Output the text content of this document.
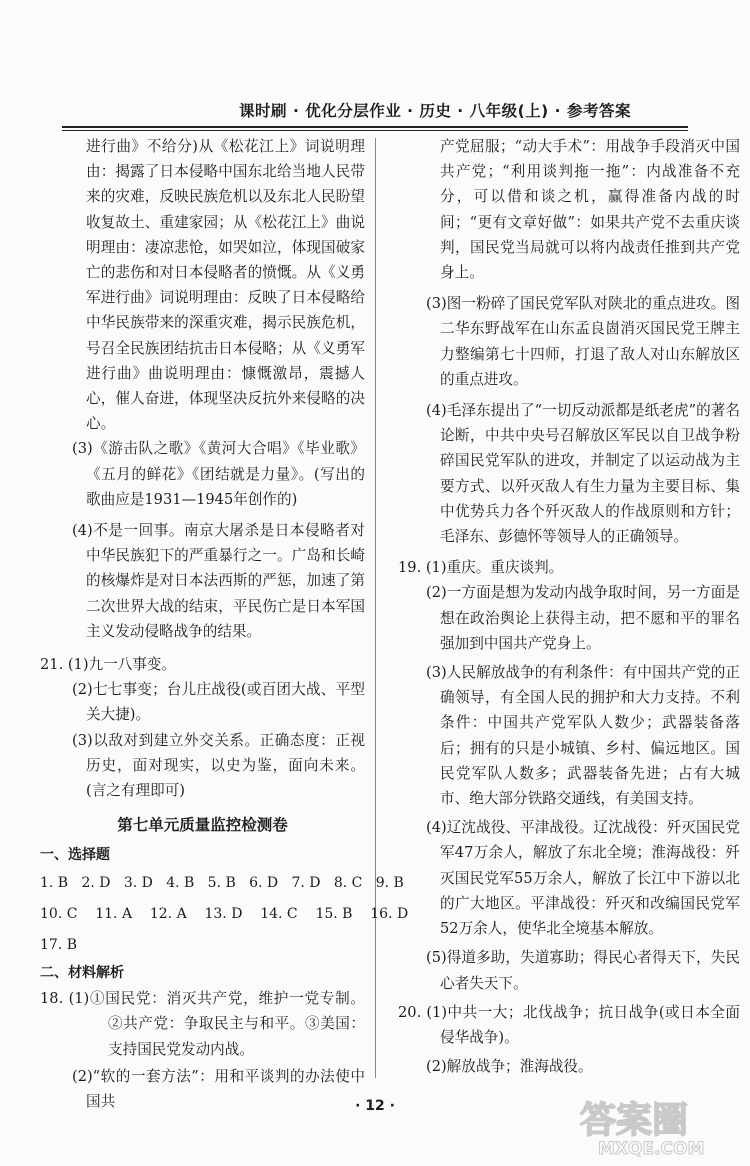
课时刷 · 优化分层作业 · 历史 · 八年级(上) · 参考答案
进行曲》不给分)从《松花江上》词说明理由：揭露了日本侵略中国东北给当地人民带来的灾难，反映民族危机以及东北人民盼望收复故土、重建家园；从《松花江上》曲说明理由：凄凉悲怆，如哭如泣，体现国破家亡的悲伤和对日本侵略者的愤慨。从《义勇军进行曲》词说明理由：反映了日本侵略给中华民族带来的深重灾难，揭示民族危机，号召全民族团结抗击日本侵略；从《义勇军进行曲》曲说明理由：慷慨激昂，震撼人心，催人奋进，体现坚决反抗外来侵略的决心。
(3)《游击队之歌》《黄河大合唱》《毕业歌》《五月的鲜花》《团结就是力量》。(写出的歌曲应是1931—1945年创作的)
(4)不是一回事。南京大屠杀是日本侵略者对中华民族犯下的严重暴行之一。广岛和长崎的核爆炸是对日本法西斯的严惩，加速了第二次世界大战的结束，平民伤亡是日本军国主义发动侵略战争的结果。
21. (1)九一八事变。
(2)七七事变；台儿庄战役(或百团大战、平型关大捷)。
(3)以敌对到建立外交关系。正确态度：正视历史，面对现实，以史为鉴，面向未来。(言之有理即可)
第七单元质量监控检测卷
一、选择题
1. B   2. D   3. D   4. B   5. B   6. D   7. D   8. C   9. B
10. C    11. A    12. A    13. D    14. C    15. B    16. D
17. B
二、材料解析
18. (1)①国民党：消灭共产党，维护一党专制。②共产党：争取民主与和平。③美国：支持国民党发动内战。
(2)“软的一套方法”：用和平谈判的办法使中国共
产党屈服；“动大手术”：用战争手段消灭中国共产党；“利用谈判拖一拖”：内战准备不充分，可以借和谈之机，赢得准备内战的时间；“更有文章好做”：如果共产党不去重庆谈判，国民党当局就可以将内战责任推到共产党身上。
(3)图一粉碎了国民党军队对陕北的重点进攻。图二华东野战军在山东孟良崮消灭国民党王牌主力整编第七十四师，打退了敌人对山东解放区的重点进攻。
(4)毛泽东提出了“一切反动派都是纸老虎”的著名论断，中共中央号召解放区军民以自卫战争粉碎国民党军队的进攻，并制定了以运动战为主要方式、以歼灭敌人有生力量为主要目标、集中优势兵力各个歼灭敌人的作战原则和方针；毛泽东、彭德怀等领导人的正确领导。
19. (1)重庆。重庆谈判。
(2)一方面是想为发动内战争取时间，另一方面是想在政治舆论上获得主动，把不愿和平的罪名强加到中国共产党身上。
(3)人民解放战争的有利条件：有中国共产党的正确领导，有全国人民的拥护和大力支持。不利条件：中国共产党军队人数少；武器装备落后；拥有的只是小城镇、乡村、偏远地区。国民党军队人数多；武器装备先进；占有大城市、绝大部分铁路交通线，有美国支持。
(4)辽沈战役、平津战役。辽沈战役：歼灭国民党军47万余人，解放了东北全境；淮海战役：歼灭国民党军55万余人，解放了长江中下游以北的广大地区。平津战役：歼灭和改编国民党军52万余人，使华北全境基本解放。
(5)得道多助，失道寡助；得民心者得天下，失民心者失天下。
20. (1)中共一大；北伐战争；抗日战争(或日本全面侵华战争)。
(2)解放战争；淮海战役。
· 12 ·	答案圈
MXQE.COM
